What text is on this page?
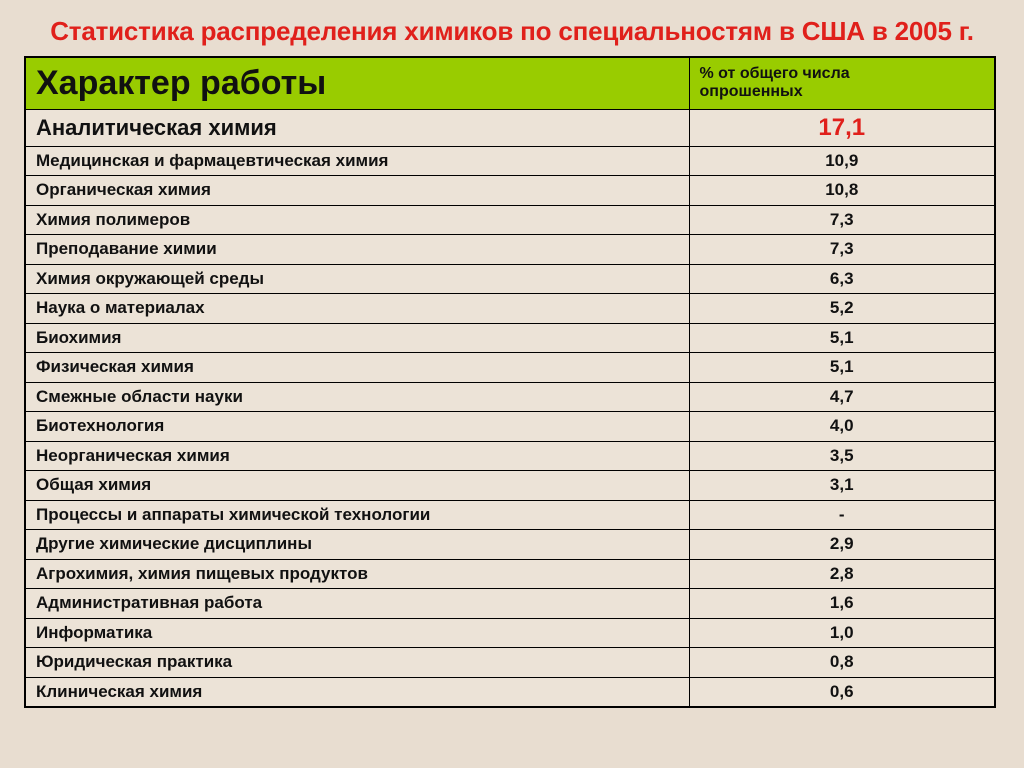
Статистика распределения химиков по специальностям в США в 2005 г.
Характер работы	% от общего числа опрошенных

Аналитическая химия	17,1
Медицинская и фармацевтическая химия	10,9
Органическая химия	10,8
Химия полимеров	7,3
Преподавание химии	7,3
Химия окружающей среды	6,3
Наука о материалах	5,2
Биохимия	5,1
Физическая химия	5,1
Смежные области науки	4,7
Биотехнология	4,0
Неорганическая химия	3,5
Общая химия	3,1
Процессы и аппараты химической технологии	-
Другие химические дисциплины	2,9
Агрохимия, химия пищевых продуктов	2,8
Административная работа	1,6
Информатика	1,0
Юридическая практика	0,8
Клиническая химия	0,6
